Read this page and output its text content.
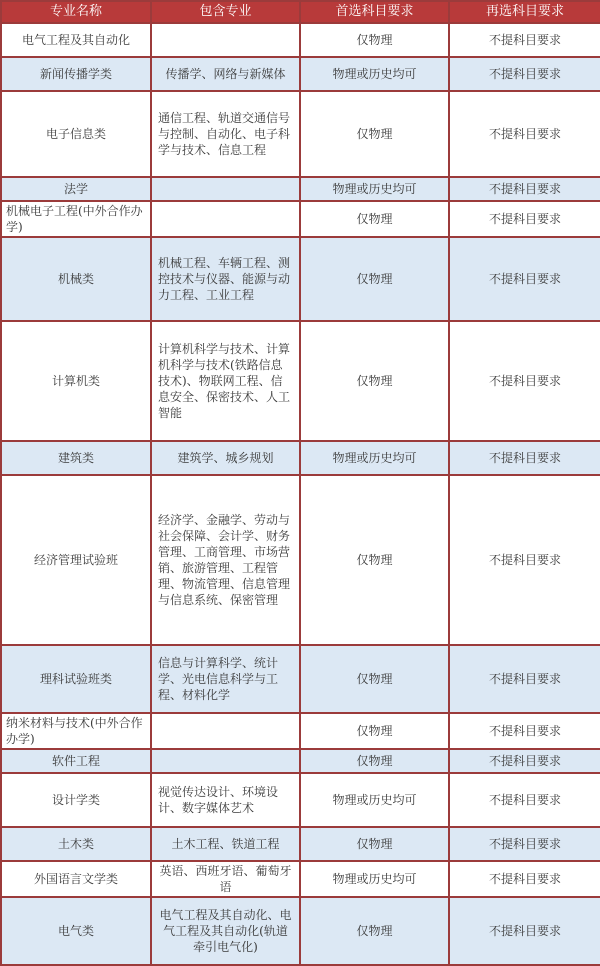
专业名称	包含专业	首选科目要求	再选科目要求
电气工程及其自动化		仅物理	不提科目要求
新闻传播学类	传播学、网络与新媒体	物理或历史均可	不提科目要求
电子信息类	通信工程、轨道交通信号与控制、自动化、电子科学与技术、信息工程	仅物理	不提科目要求
法学		物理或历史均可	不提科目要求
机械电子工程(中外合作办学)		仅物理	不提科目要求
机械类	机械工程、车辆工程、测控技术与仪器、能源与动力工程、工业工程	仅物理	不提科目要求
计算机类	计算机科学与技术、计算机科学与技术(铁路信息技术)、物联网工程、信息安全、保密技术、人工智能	仅物理	不提科目要求
建筑类	建筑学、城乡规划	物理或历史均可	不提科目要求
经济管理试验班	经济学、金融学、劳动与社会保障、会计学、财务管理、工商管理、市场营销、旅游管理、工程管理、物流管理、信息管理与信息系统、保密管理	仅物理	不提科目要求
理科试验班类	信息与计算科学、统计学、光电信息科学与工程、材料化学	仅物理	不提科目要求
纳米材料与技术(中外合作办学)		仅物理	不提科目要求
软件工程		仅物理	不提科目要求
设计学类	视觉传达设计、环境设计、数字媒体艺术	物理或历史均可	不提科目要求
土木类	土木工程、铁道工程	仅物理	不提科目要求
外国语言文学类	英语、西班牙语、葡萄牙语	物理或历史均可	不提科目要求
电气类	电气工程及其自动化、电气工程及其自动化(轨道牵引电气化)	仅物理	不提科目要求
